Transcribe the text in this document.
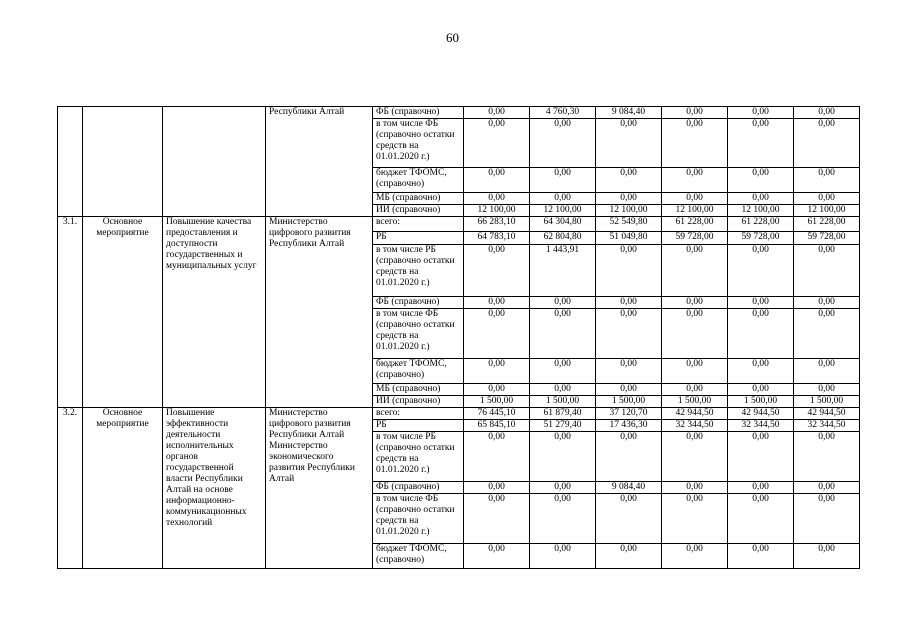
60
			Республики Алтай	ФБ (справочно)	0,00	4 760,30	9 084,40	0,00	0,00	0,00
				в том числе ФБ (справочно остатки средств на 01.01.2020 г.)	0,00	0,00	0,00	0,00	0,00	0,00
				бюджет ТФОМС, (справочно)	0,00	0,00	0,00	0,00	0,00	0,00
				МБ (справочно)	0,00	0,00	0,00	0,00	0,00	0,00
				ИИ (справочно)	12 100,00	12 100,00	12 100,00	12 100,00	12 100,00	12 100,00
3.1.	Основное мероприятие	Повышение качества предоставления и доступности государственных и муниципальных услуг	Министерство цифрового развития Республики Алтай	всего:	66 283,10	64 304,80	52 549,80	61 228,00	61 228,00	61 228,00
				РБ	64 783,10	62 804,80	51 049,80	59 728,00	59 728,00	59 728,00
				в том числе РБ (справочно остатки средств на 01.01.2020 г.)	0,00	1 443,91	0,00	0,00	0,00	0,00
				ФБ (справочно)	0,00	0,00	0,00	0,00	0,00	0,00
				в том числе ФБ (справочно остатки средств на 01.01.2020 г.)	0,00	0,00	0,00	0,00	0,00	0,00
				бюджет ТФОМС, (справочно)	0,00	0,00	0,00	0,00	0,00	0,00
				МБ (справочно)	0,00	0,00	0,00	0,00	0,00	0,00
				ИИ (справочно)	1 500,00	1 500,00	1 500,00	1 500,00	1 500,00	1 500,00
3.2.	Основное мероприятие	Повышение эффективности деятельности исполнительных органов государственной власти Республики Алтай на основе информационно-коммуникационных технологий	Министерство цифрового развития Республики Алтай Министерство экономического развития Республики Алтай	всего:	76 445,10	61 879,40	37 120,70	42 944,50	42 944,50	42 944,50
				РБ	65 845,10	51 279,40	17 436,30	32 344,50	32 344,50	32 344,50
				в том числе РБ (справочно остатки средств на 01.01.2020 г.)	0,00	0,00	0,00	0,00	0,00	0,00
				ФБ (справочно)	0,00	0,00	9 084,40	0,00	0,00	0,00
				в том числе ФБ (справочно остатки средств на 01.01.2020 г.)	0,00	0,00	0,00	0,00	0,00	0,00
				бюджет ТФОМС, (справочно)	0,00	0,00	0,00	0,00	0,00	0,00
